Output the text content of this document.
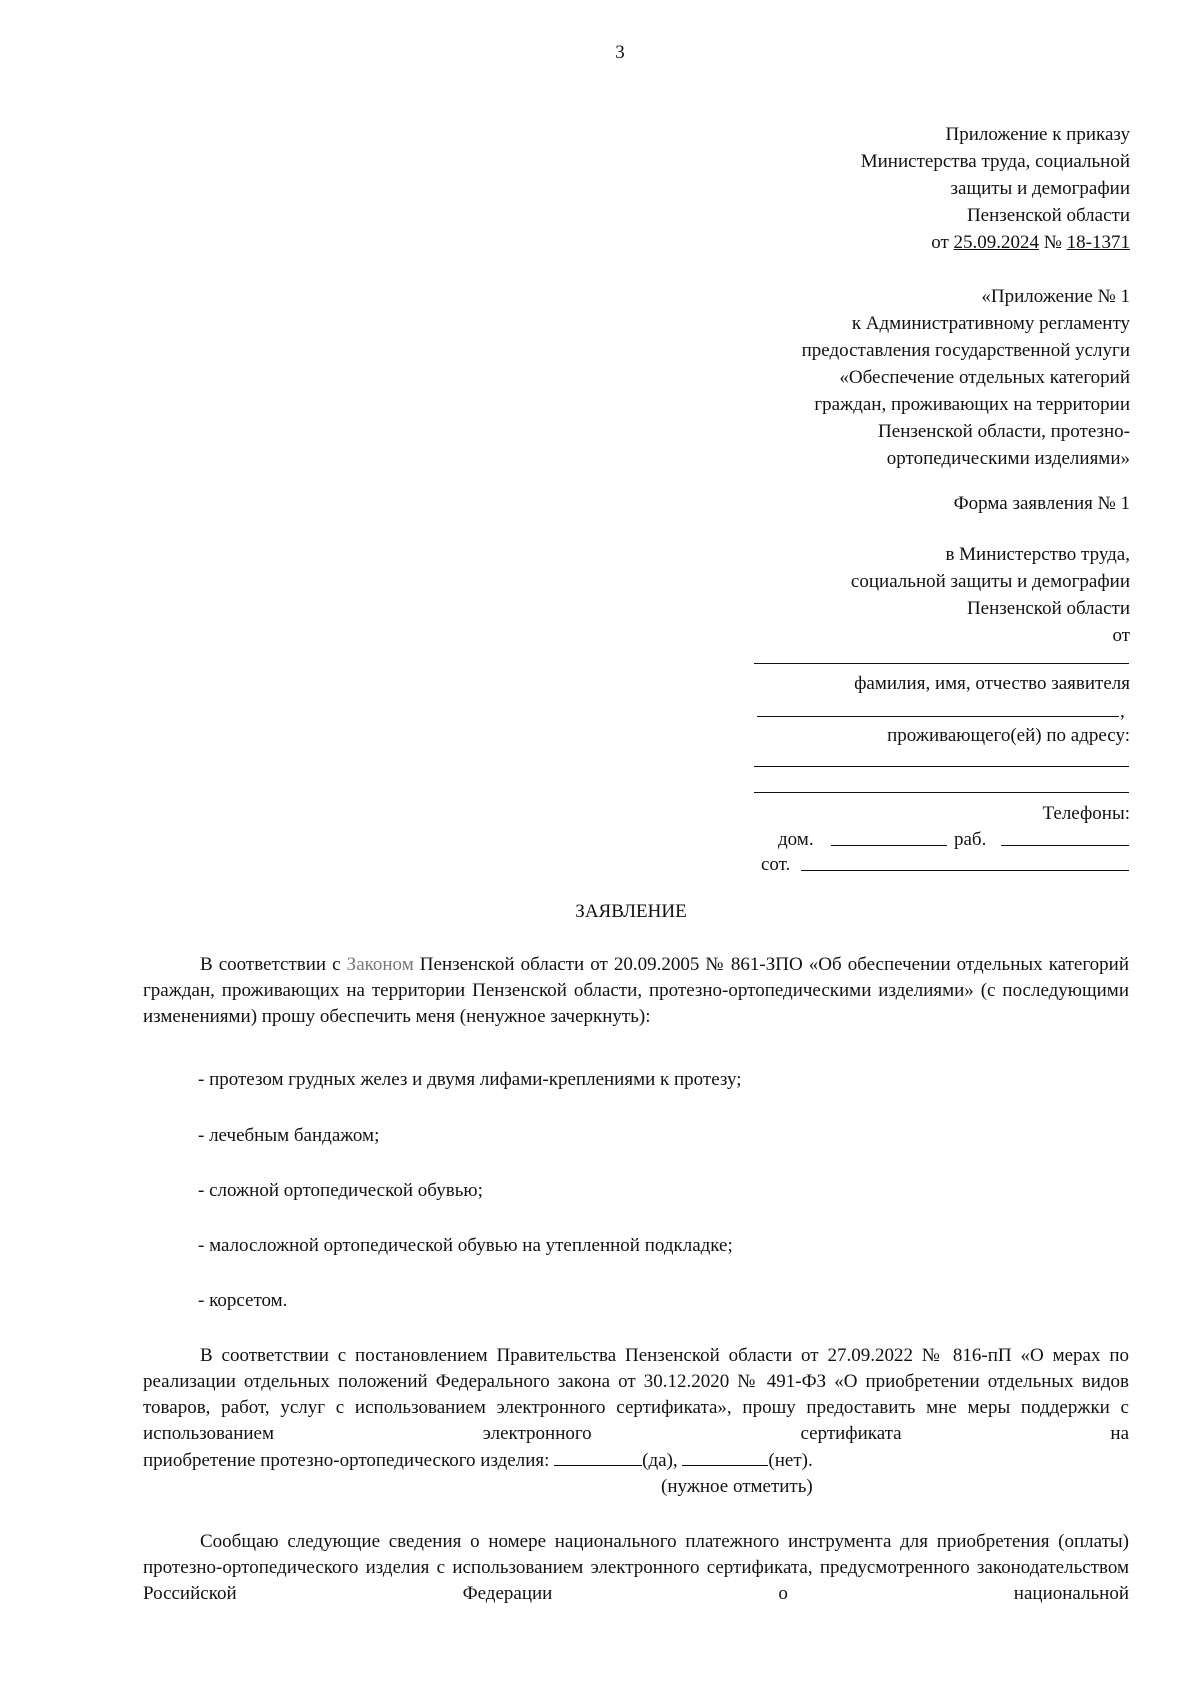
3
Приложение к приказу
Министерства труда, социальной
защиты и демографии
Пензенской области
от 25.09.2024 № 18-1371
«Приложение № 1
к Административному регламенту
предоставления государственной услуги
«Обеспечение отдельных категорий
граждан, проживающих на территории
Пензенской области, протезно-
ортопедическими изделиями»
Форма заявления № 1
в Министерство труда,
социальной защиты и демографии
Пензенской области
от
фамилия, имя, отчество заявителя
,
проживающего(ей) по адресу:
Телефоны:
дом.	раб.
сот.
ЗАЯВЛЕНИЕ
В соответствии с Законом Пензенской области от 20.09.2005 № 861-ЗПО «Об обеспечении отдельных категорий граждан, проживающих на территории Пензенской области, протезно-ортопедическими изделиями» (с последующими изменениями) прошу обеспечить меня (ненужное зачеркнуть):
- протезом грудных желез и двумя лифами-креплениями к протезу;
- лечебным бандажом;
- сложной ортопедической обувью;
- малосложной ортопедической обувью на утепленной подкладке;
- корсетом.
В соответствии с постановлением Правительства Пензенской области от 27.09.2022 № 816-пП «О мерах по реализации отдельных положений Федерального закона от 30.12.2020 № 491-ФЗ «О приобретении отдельных видов товаров, работ, услуг с использованием электронного сертификата», прошу предоставить мне меры поддержки с использованием электронного сертификата на
приобретение протезно-ортопедического изделия:	(да),	(нет).
(нужное отметить)
Сообщаю следующие сведения о номере национального платежного инструмента для приобретения (оплаты) протезно-ортопедического изделия с использованием электронного сертификата, предусмотренного законодательством Российской Федерации о национальной
